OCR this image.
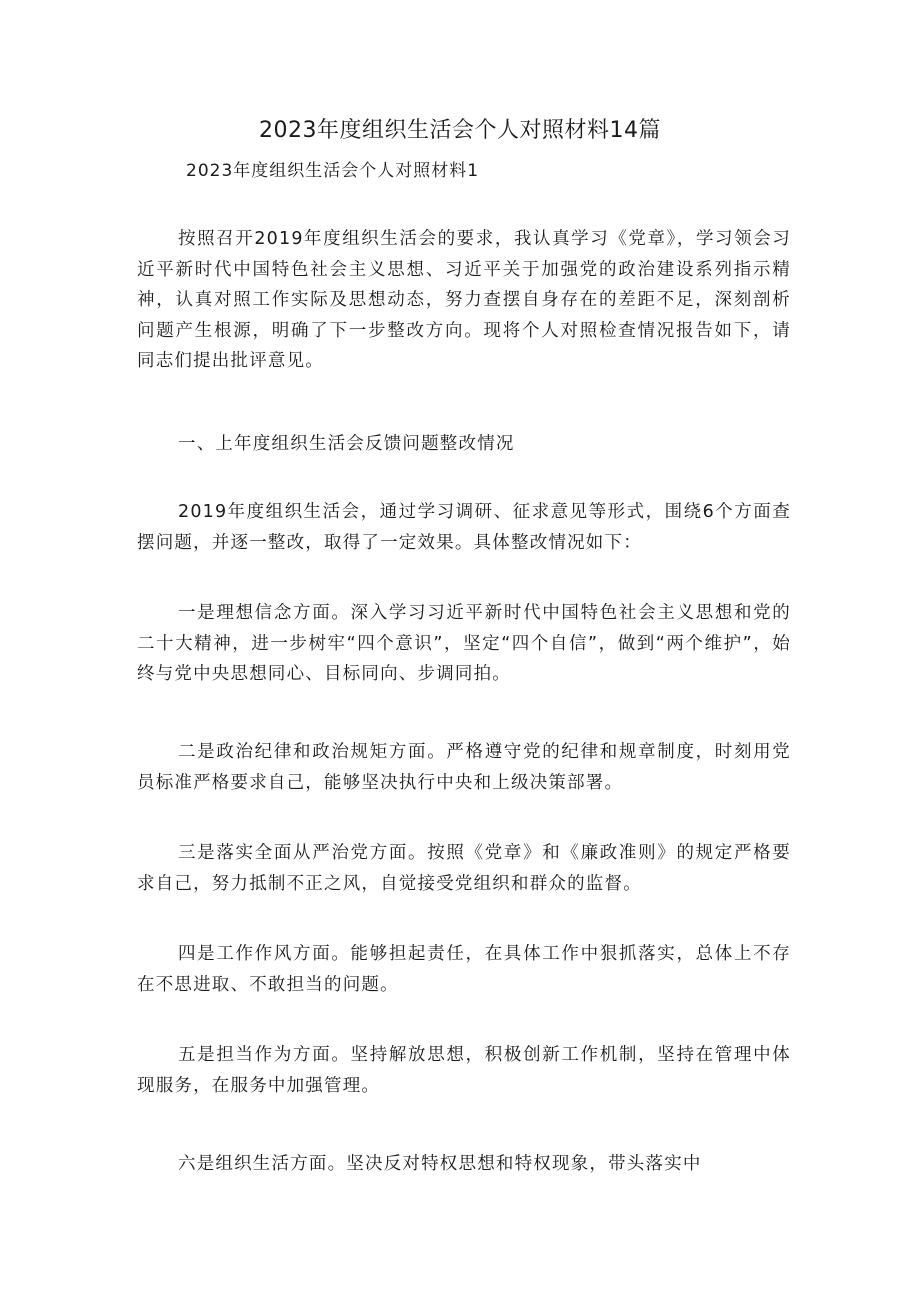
2023年度组织生活会个人对照材料14篇

2023年度组织生活会个人对照材料1

按照召开2019年度组织生活会的要求，我认真学习《党章》，学习领会习近平新时代中国特色社会主义思想、习近平关于加强党的政治建设系列指示精神，认真对照工作实际及思想动态，努力查摆自身存在的差距不足，深刻剖析问题产生根源，明确了下一步整改方向。现将个人对照检查情况报告如下，请同志们提出批评意见。

一、上年度组织生活会反馈问题整改情况

2019年度组织生活会，通过学习调研、征求意见等形式，围绕6个方面查摆问题，并逐一整改，取得了一定效果。具体整改情况如下：

一是理想信念方面。深入学习习近平新时代中国特色社会主义思想和党的二十大精神，进一步树牢“四个意识”，坚定“四个自信”，做到“两个维护”，始终与党中央思想同心、目标同向、步调同拍。

二是政治纪律和政治规矩方面。严格遵守党的纪律和规章制度，时刻用党员标准严格要求自己，能够坚决执行中央和上级决策部署。

三是落实全面从严治党方面。按照《党章》和《廉政准则》的规定严格要求自己，努力抵制不正之风，自觉接受党组织和群众的监督。

四是工作作风方面。能够担起责任，在具体工作中狠抓落实，总体上不存在不思进取、不敢担当的问题。

五是担当作为方面。坚持解放思想，积极创新工作机制，坚持在管理中体现服务，在服务中加强管理。

六是组织生活方面。坚决反对特权思想和特权现象，带头落实中
